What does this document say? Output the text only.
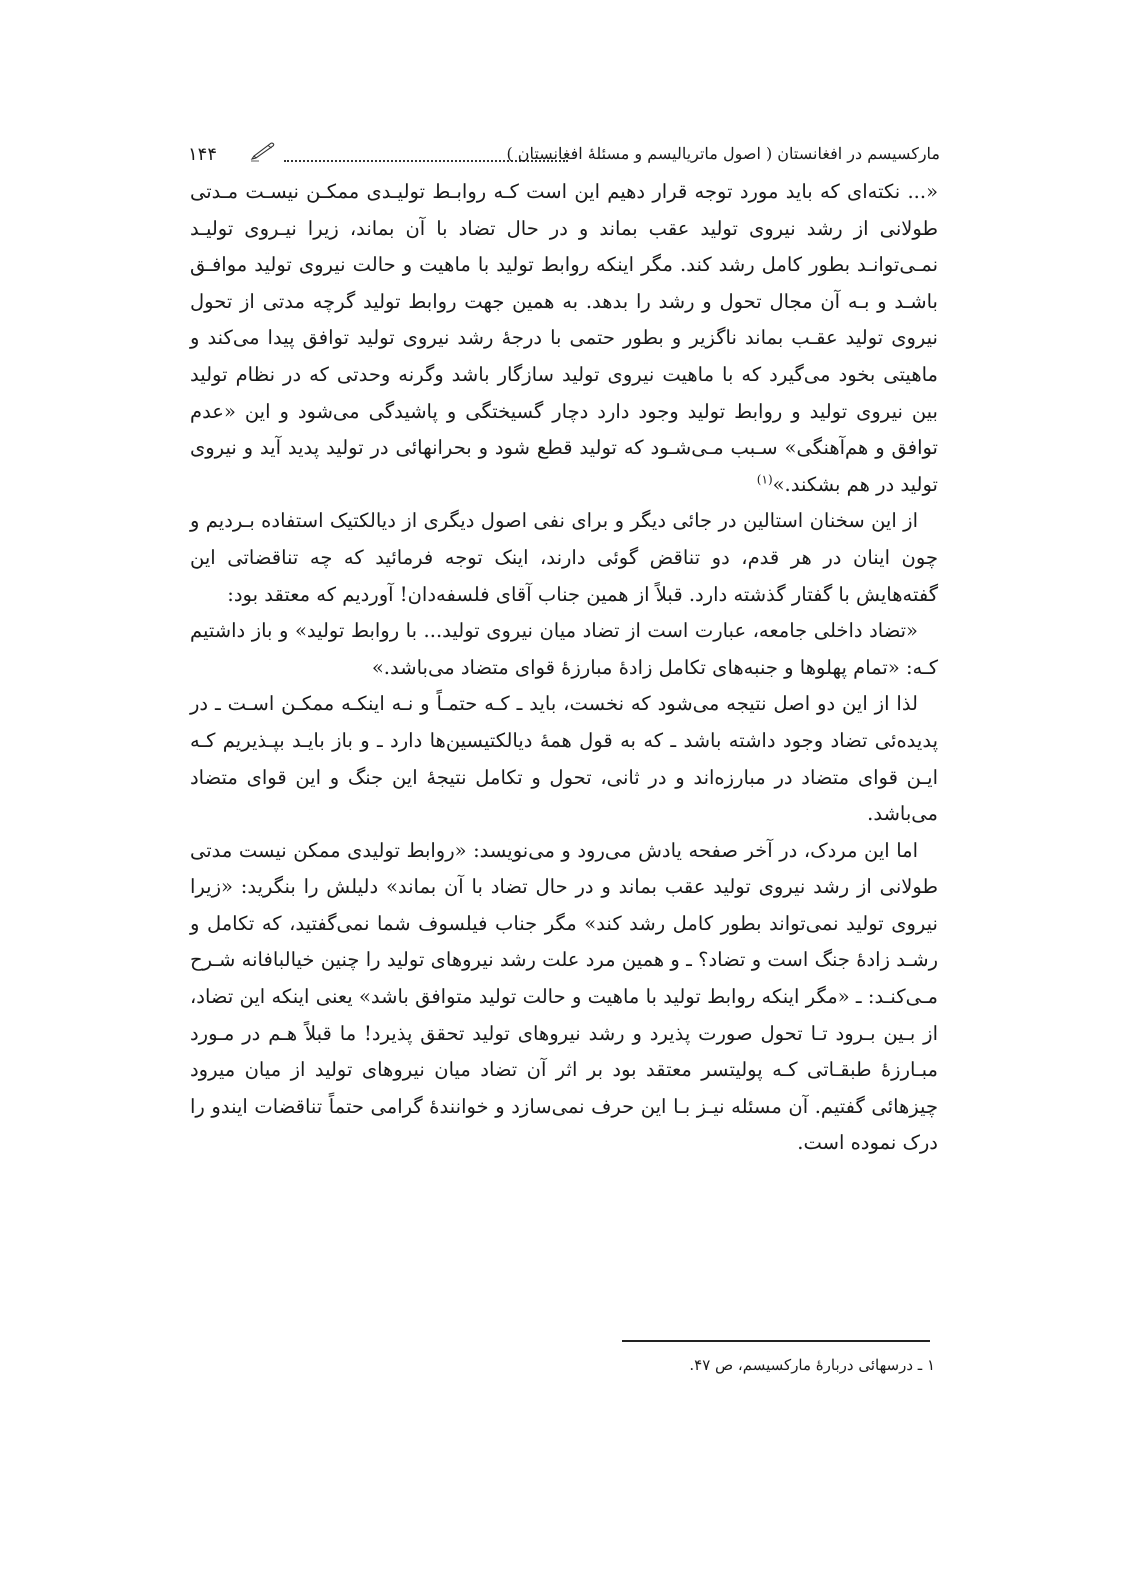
۱۴۴	مارکسیسم در افغانستان ( اصول ماتریالیسم و مسئلهٔ افغانستان )

«... نکته‌ای که باید مورد توجه قرار دهیم این است کـه روابـط تولیـدی ممکـن نیسـت مـدتی طولانی از رشد نیروی تولید عقب بماند و در حال تضاد با آن بماند، زیرا نیـروی تولیـد نمـی‌توانـد بطور کامل رشد کند. مگر اینکه روابط تولید با ماهیت و حالت نیروی تولید موافـق باشـد و بـه آن مجال تحول و رشد را بدهد. به همین جهت روابط تولید گرچه مدتی از تحول نیروی تولید عقـب بماند ناگزیر و بطور حتمی با درجهٔ رشد نیروی تولید توافق پیدا می‌کند و ماهیتی بخود می‌گیرد که با ماهیت نیروی تولید سازگار باشد وگرنه وحدتی که در نظام تولید بین نیروی تولید و روابط تولید وجود دارد دچار گسیختگی و پاشیدگی می‌شود و این «عدم توافق و هم‌آهنگی» سـبب مـی‌شـود که تولید قطع شود و بحرانهائی در تولید پدید آید و نیروی تولید در هم بشکند.»$^{(۱)}$

از این سخنان استالین در جائی دیگر و برای نفی اصول دیگری از دیالکتیک استفاده بـردیم و چون اینان در هر قدم، دو تناقض گوئی دارند، اینک توجه فرمائید که چه تناقضاتی این گفته‌هایش با گفتار گذشته دارد. قبلاً از همین جناب آقای فلسفه‌دان! آوردیم که معتقد بود:

«تضاد داخلی جامعه، عبارت است از تضاد میان نیروی تولید... با روابط تولید» و باز داشتیم کـه: «تمام پهلوها و جنبه‌های تکامل زادهٔ مبارزهٔ قوای متضاد می‌باشد.»

لذا از این دو اصل نتیجه می‌شود که نخست، باید ـ کـه حتمـاً و نـه اینکـه ممکـن اسـت ـ در پدیده‌ئی تضاد وجود داشته باشد ـ که به قول همهٔ دیالکتیسین‌ها دارد ـ و باز بایـد بپـذیریم کـه ایـن قوای متضاد در مبارزه‌اند و در ثانی، تحول و تکامل نتیجهٔ این جنگ و این قوای متضاد می‌باشد.

اما این مردک، در آخر صفحه یادش می‌رود و می‌نویسد: «روابط تولیدی ممکن نیست مدتی طولانی از رشد نیروی تولید عقب بماند و در حال تضاد با آن بماند» دلیلش را بنگرید: «زیرا نیروی تولید نمی‌تواند بطور کامل رشد کند» مگر جناب فیلسوف شما نمی‌گفتید، که تکامل و رشـد زادهٔ جنگ است و تضاد؟ ـ و همین مرد علت رشد نیروهای تولید را چنین خیالبافانه شـرح مـی‌کنـد: ـ «مگر اینکه روابط تولید با ماهیت و حالت تولید متوافق باشد» یعنی اینکه این تضاد، از بـین بـرود تـا تحول صورت پذیرد و رشد نیروهای تولید تحقق پذیرد! ما قبلاً هـم در مـورد مبـارزهٔ طبقـاتی کـه پولیتسر معتقد بود بر اثر آن تضاد میان نیروهای تولید از میان میرود چیزهائی گفتیم. آن مسئله نیـز بـا این حرف نمی‌سازد و خوانندهٔ گرامی حتماً تناقضات ایندو را درک نموده است.

۱ ـ درسهائی دربارهٔ مارکسیسم، ص ۴۷.
